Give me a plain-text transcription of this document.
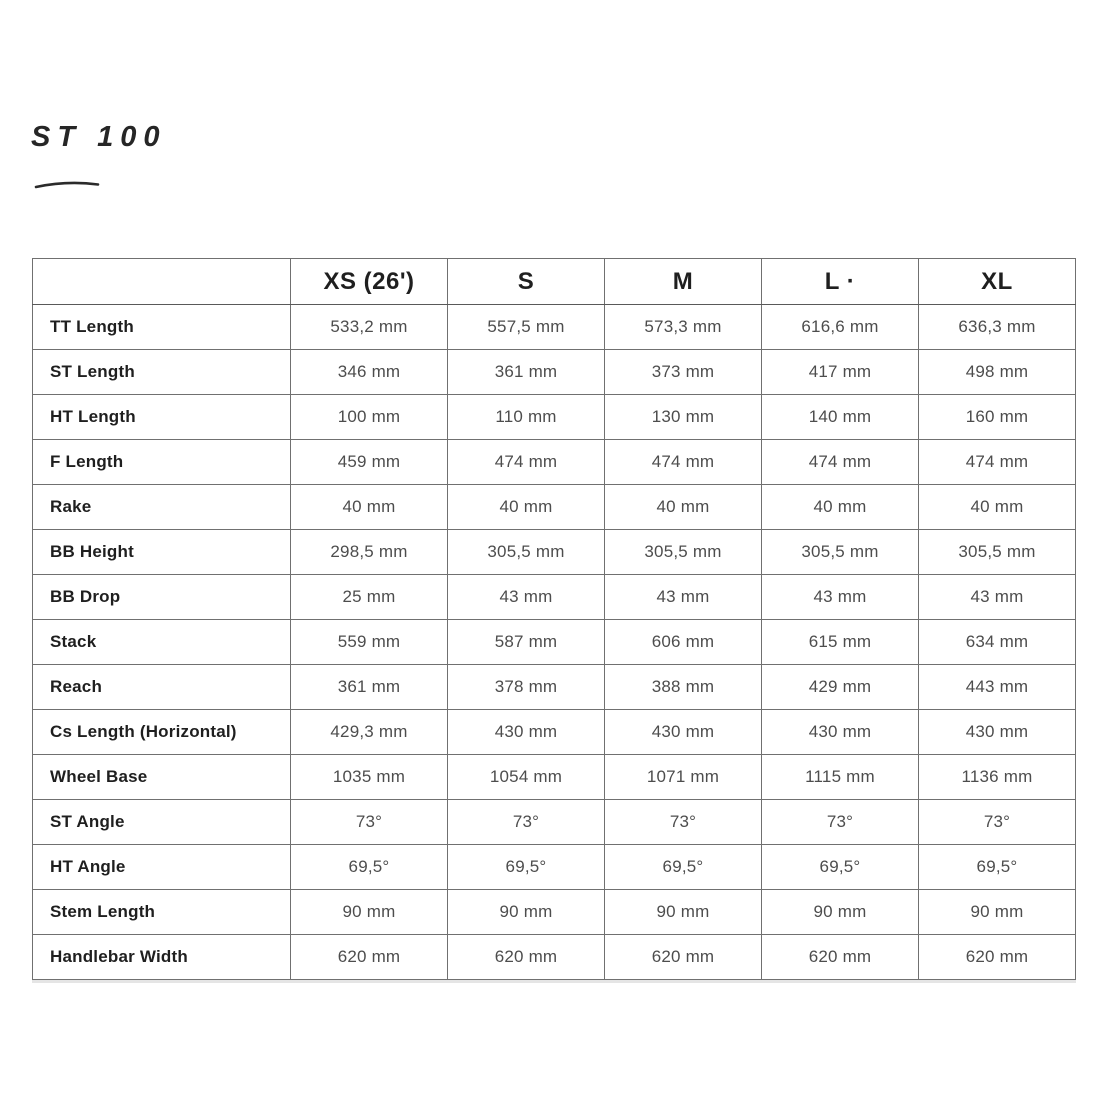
ST 100
	XS (26')	S	M	L ·	XL
TT Length	533,2 mm	557,5 mm	573,3 mm	616,6 mm	636,3 mm
ST Length	346 mm	361 mm	373 mm	417 mm	498 mm
HT Length	100 mm	110 mm	130 mm	140 mm	160 mm
F Length	459 mm	474 mm	474 mm	474 mm	474 mm
Rake	40 mm	40 mm	40 mm	40 mm	40 mm
BB Height	298,5 mm	305,5 mm	305,5 mm	305,5 mm	305,5 mm
BB Drop	25 mm	43 mm	43 mm	43 mm	43 mm
Stack	559 mm	587 mm	606 mm	615 mm	634 mm
Reach	361 mm	378 mm	388 mm	429 mm	443 mm
Cs Length (Horizontal)	429,3 mm	430 mm	430 mm	430 mm	430 mm
Wheel Base	1035 mm	1054 mm	1071 mm	1115 mm	1136 mm
ST Angle	73°	73°	73°	73°	73°
HT Angle	69,5°	69,5°	69,5°	69,5°	69,5°
Stem Length	90 mm	90 mm	90 mm	90 mm	90 mm
Handlebar Width	620 mm	620 mm	620 mm	620 mm	620 mm
